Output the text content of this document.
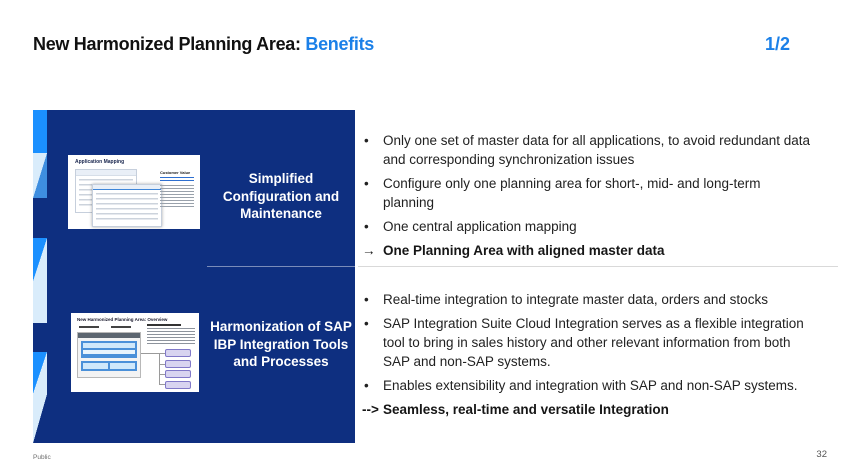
New Harmonized Planning Area: Benefits	1/2
Application Mapping
Customer Value	Simplified Configuration and Maintenance
New Harmonized Planning Area: Overview	Harmonization of SAP IBP Integration Tools and Processes
•	Only one set of master data for all applications, to avoid redundant data and corresponding synchronization issues
•	Configure only one planning area for short-, mid- and long-term planning
•	One central application mapping
→ One Planning Area with aligned master data
•	Real-time integration to integrate master data, orders and stocks
•	SAP Integration Suite Cloud Integration serves as a flexible integration tool to bring in sales history and other relevant information from both SAP and non-SAP systems.
•	Enables extensibility and integration with SAP and non-SAP systems.
--> Seamless, real-time and versatile Integration
Public	32
